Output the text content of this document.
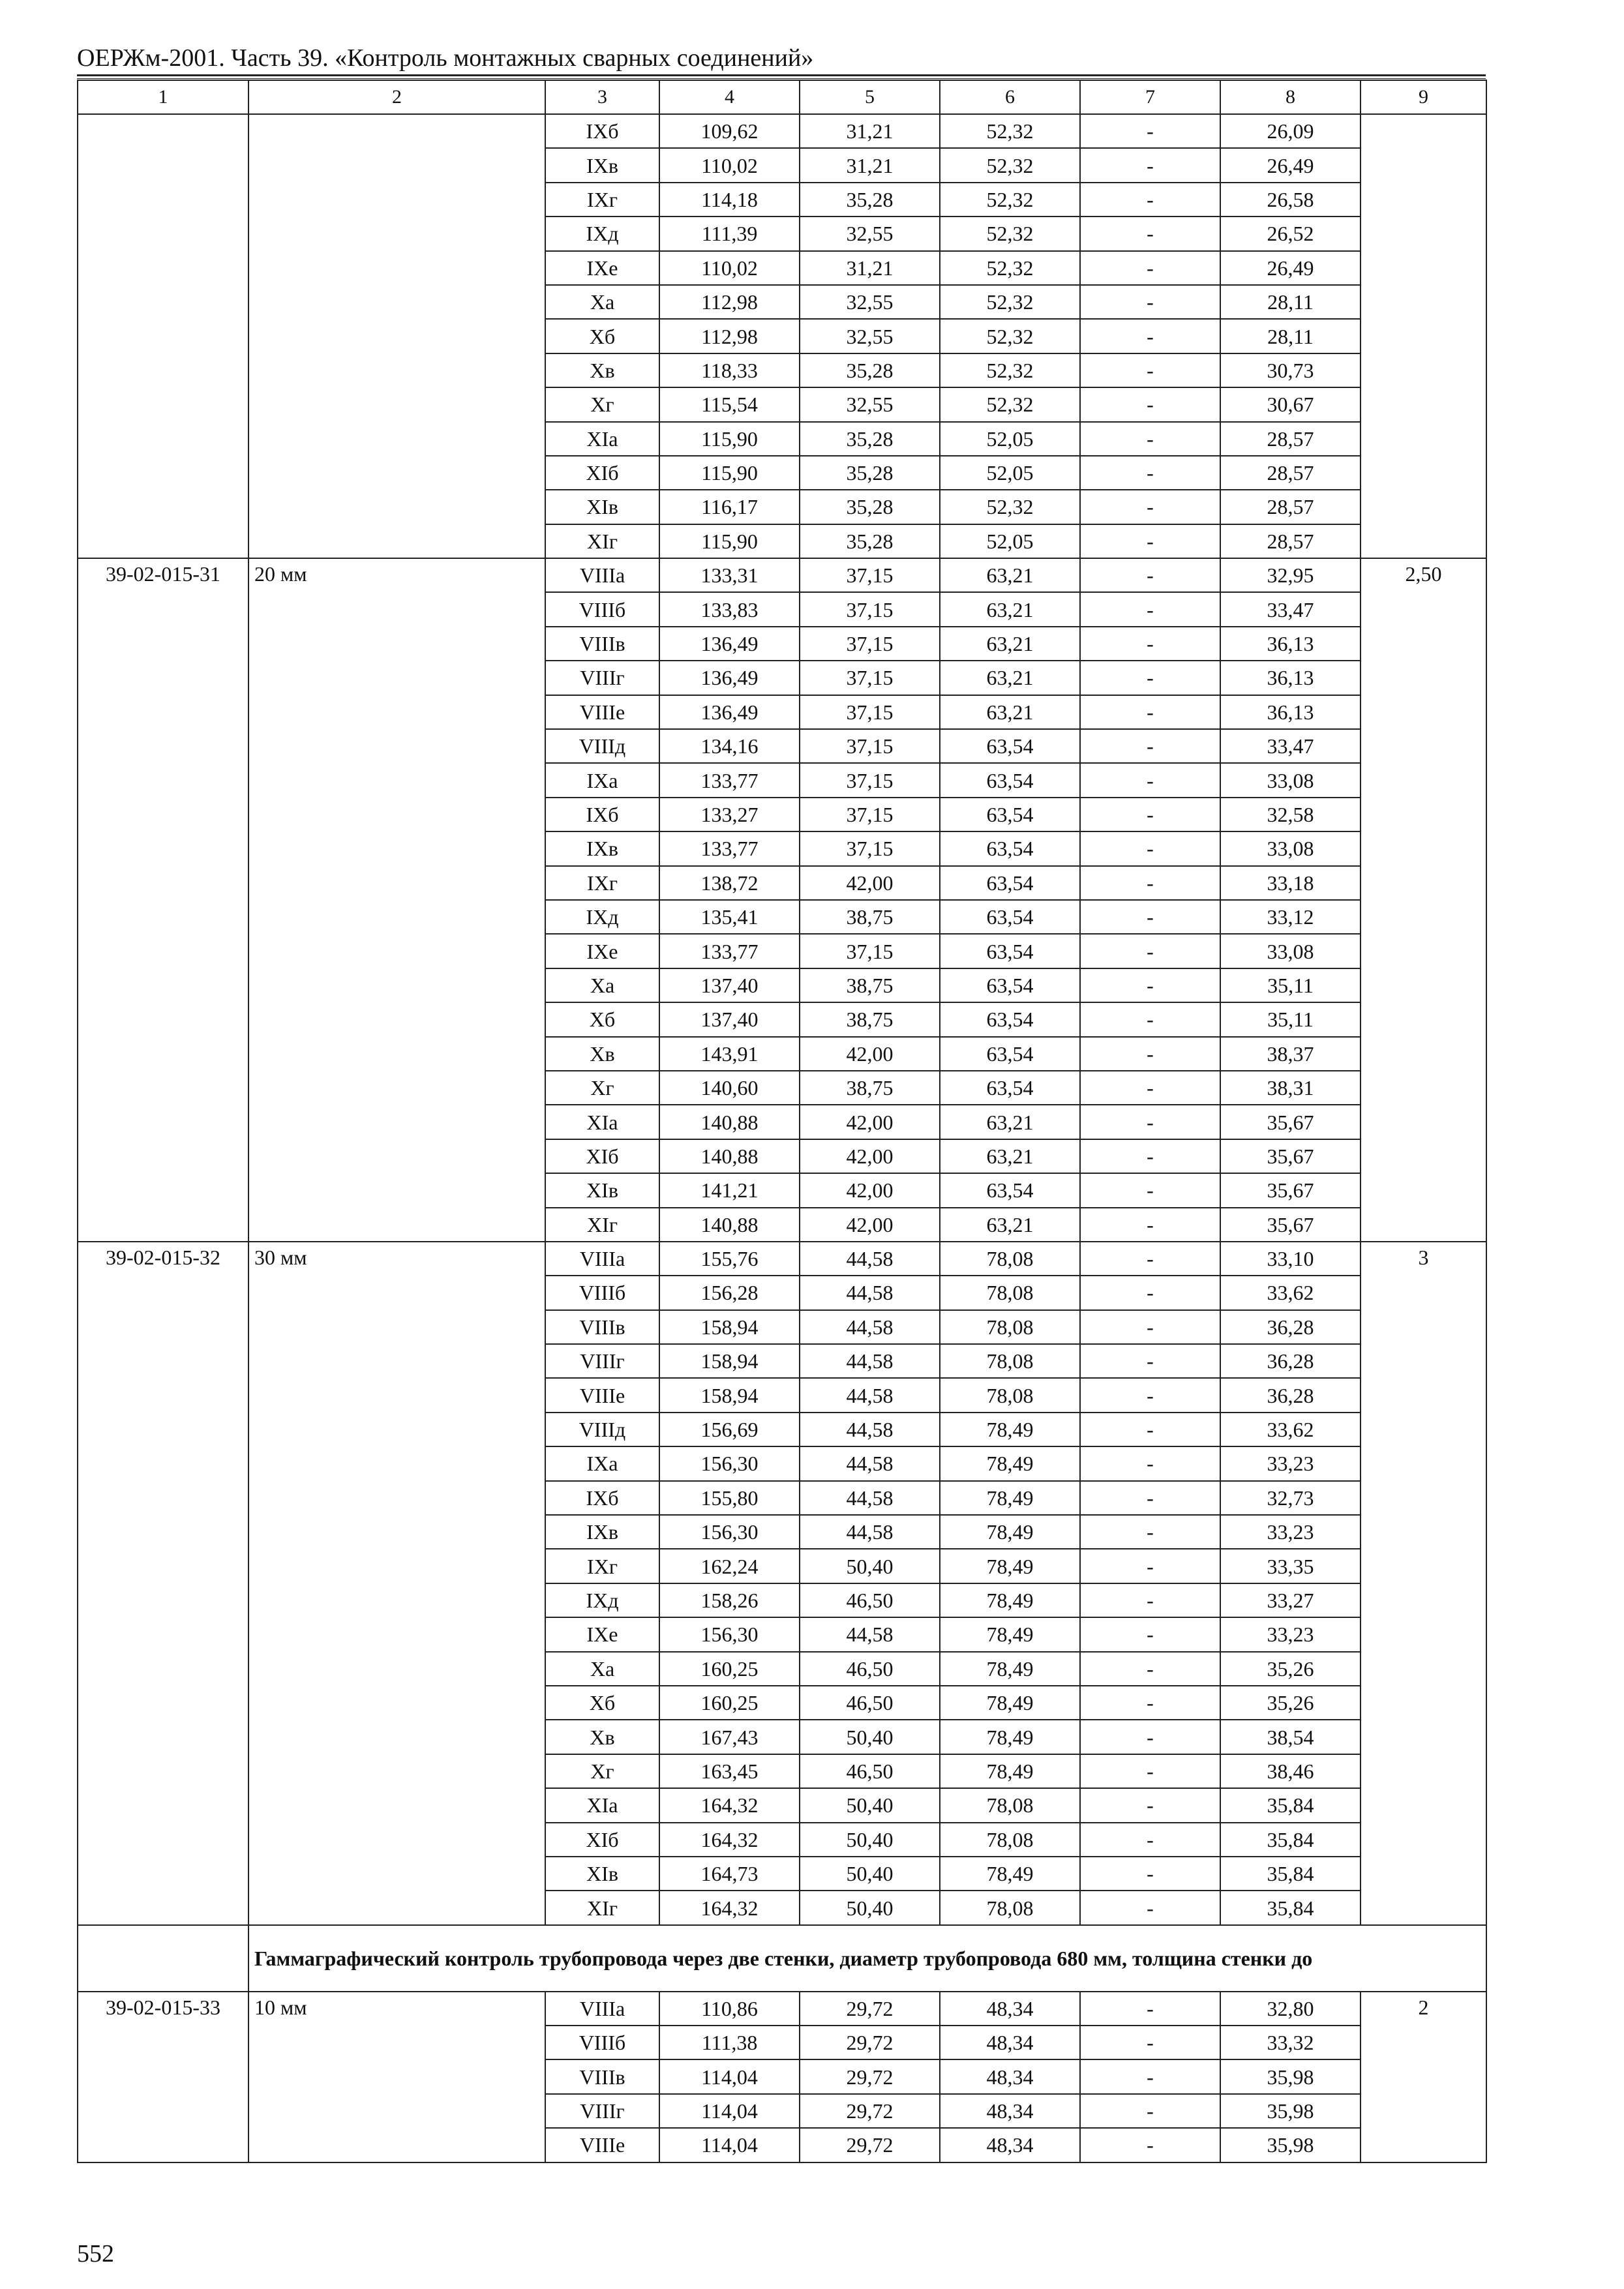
ОЕРЖм-2001. Часть 39. «Контроль монтажных сварных соединений»
1	2	3	4	5	6	7	8	9
		IXб	109,62	31,21	52,32	-	26,09	
		IXв	110,02	31,21	52,32	-	26,49	
		IXг	114,18	35,28	52,32	-	26,58	
		IXд	111,39	32,55	52,32	-	26,52	
		IXе	110,02	31,21	52,32	-	26,49	
		Xа	112,98	32,55	52,32	-	28,11	
		Xб	112,98	32,55	52,32	-	28,11	
		Xв	118,33	35,28	52,32	-	30,73	
		Xг	115,54	32,55	52,32	-	30,67	
		XIа	115,90	35,28	52,05	-	28,57	
		XIб	115,90	35,28	52,05	-	28,57	
		XIв	116,17	35,28	52,32	-	28,57	
		XIг	115,90	35,28	52,05	-	28,57	
39-02-015-31	20 мм	VIIIа	133,31	37,15	63,21	-	32,95	2,50
		VIIIб	133,83	37,15	63,21	-	33,47	
		VIIIв	136,49	37,15	63,21	-	36,13	
		VIIIг	136,49	37,15	63,21	-	36,13	
		VIIIе	136,49	37,15	63,21	-	36,13	
		VIIIд	134,16	37,15	63,54	-	33,47	
		IXа	133,77	37,15	63,54	-	33,08	
		IXб	133,27	37,15	63,54	-	32,58	
		IXв	133,77	37,15	63,54	-	33,08	
		IXг	138,72	42,00	63,54	-	33,18	
		IXд	135,41	38,75	63,54	-	33,12	
		IXе	133,77	37,15	63,54	-	33,08	
		Xа	137,40	38,75	63,54	-	35,11	
		Xб	137,40	38,75	63,54	-	35,11	
		Xв	143,91	42,00	63,54	-	38,37	
		Xг	140,60	38,75	63,54	-	38,31	
		XIа	140,88	42,00	63,21	-	35,67	
		XIб	140,88	42,00	63,21	-	35,67	
		XIв	141,21	42,00	63,54	-	35,67	
		XIг	140,88	42,00	63,21	-	35,67	
39-02-015-32	30 мм	VIIIа	155,76	44,58	78,08	-	33,10	3
		VIIIб	156,28	44,58	78,08	-	33,62	
		VIIIв	158,94	44,58	78,08	-	36,28	
		VIIIг	158,94	44,58	78,08	-	36,28	
		VIIIе	158,94	44,58	78,08	-	36,28	
		VIIIд	156,69	44,58	78,49	-	33,62	
		IXа	156,30	44,58	78,49	-	33,23	
		IXб	155,80	44,58	78,49	-	32,73	
		IXв	156,30	44,58	78,49	-	33,23	
		IXг	162,24	50,40	78,49	-	33,35	
		IXд	158,26	46,50	78,49	-	33,27	
		IXе	156,30	44,58	78,49	-	33,23	
		Xа	160,25	46,50	78,49	-	35,26	
		Xб	160,25	46,50	78,49	-	35,26	
		Xв	167,43	50,40	78,49	-	38,54	
		Xг	163,45	46,50	78,49	-	38,46	
		XIа	164,32	50,40	78,08	-	35,84	
		XIб	164,32	50,40	78,08	-	35,84	
		XIв	164,73	50,40	78,49	-	35,84	
		XIг	164,32	50,40	78,08	-	35,84	
	Гаммаграфический контроль трубопровода через две стенки, диаметр трубопровода 680 мм, толщина стенки до							
39-02-015-33	10 мм	VIIIа	110,86	29,72	48,34	-	32,80	2
		VIIIб	111,38	29,72	48,34	-	33,32	
		VIIIв	114,04	29,72	48,34	-	35,98	
		VIIIг	114,04	29,72	48,34	-	35,98	
		VIIIе	114,04	29,72	48,34	-	35,98	
552
